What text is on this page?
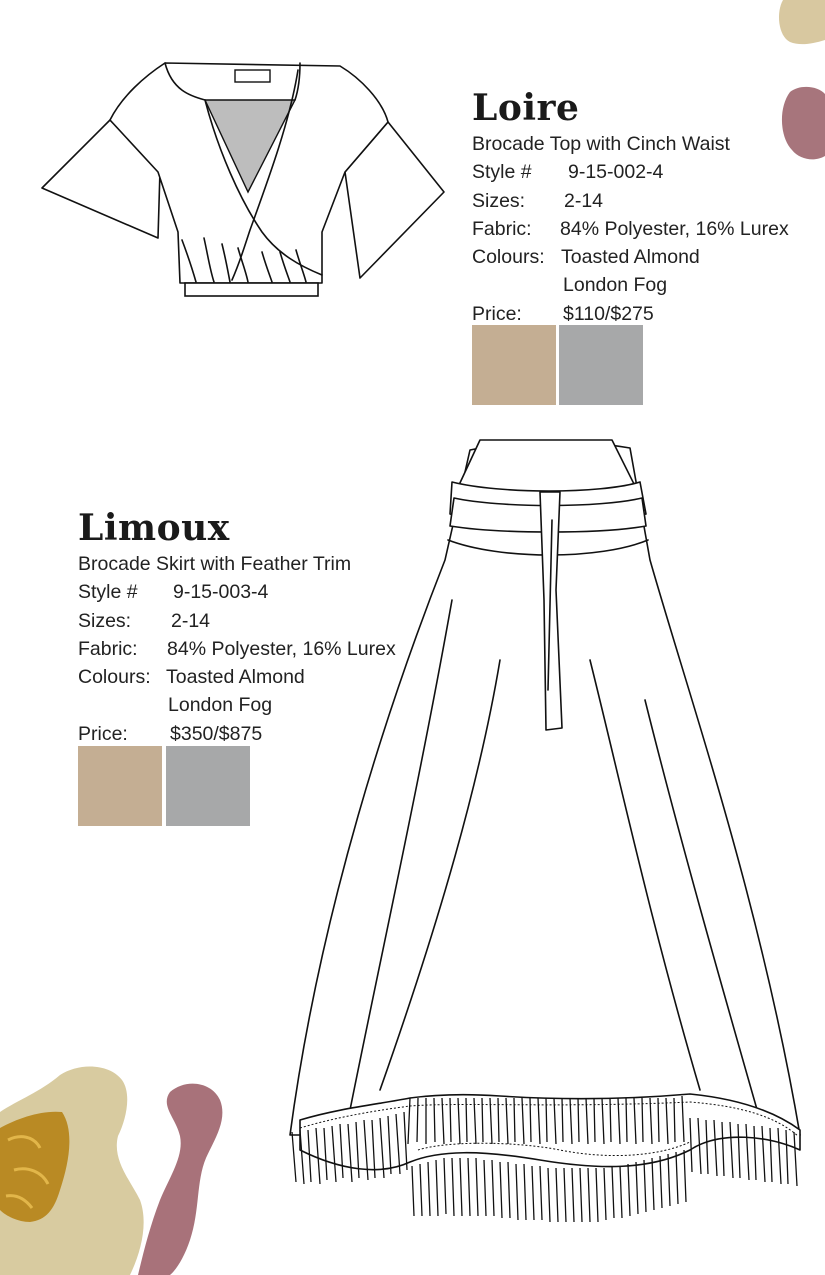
Loire
Brocade Top with Cinch Waist
Style # 9-15-002-4
Sizes: 2-14
Fabric: 84% Polyester, 16% Lurex
Colours: Toasted Almond
London Fog
Price: $110/$275
Limoux
Brocade Skirt with Feather Trim
Style # 9-15-003-4
Sizes: 2-14
Fabric: 84% Polyester, 16% Lurex
Colours: Toasted Almond
London Fog
Price: $350/$875
